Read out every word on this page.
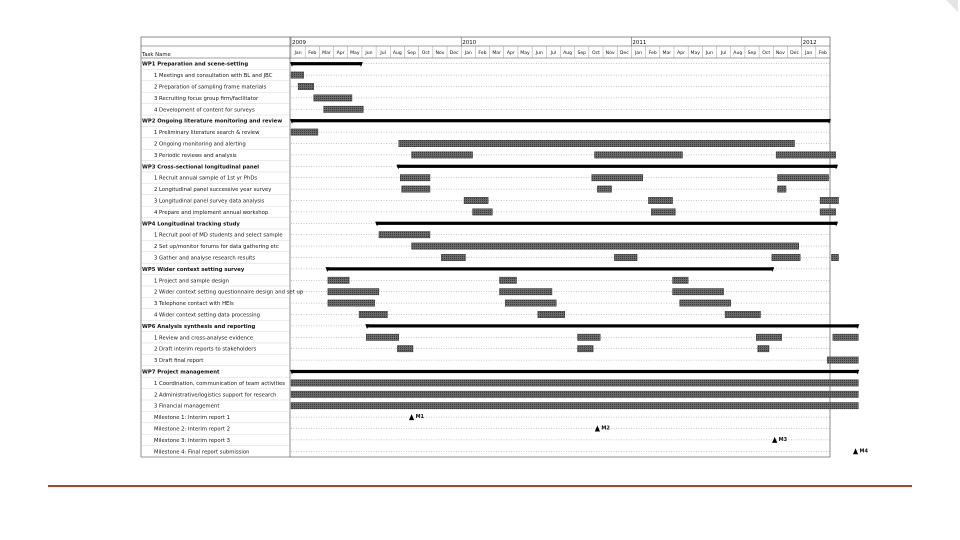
Task Name
2009	2010	2011	2012
Jan Feb Mar Apr May Jun Jul Aug Sep Oct Nov Dec Jan Feb Mar Apr May Jun Jul Aug Sep Oct Nov Dec Jan Feb Mar Apr May Jun Jul Aug Sep Oct Nov Dec Jan Feb
WP1 Preparation and scene-setting
1 Meetings and consultation with BL and JBC
2 Preparation of sampling frame materials
3 Recruiting focus group firm/facilitator
4 Development of content for surveys
WP2 Ongoing literature monitoring and review
1 Preliminary literature search & review
2 Ongoing monitoring and alerting
3 Periodic reviews and analysis
WP3 Cross-sectional longitudinal panel
1 Recruit annual sample of 1st yr PhDs
2 Longitudinal panel successive year survey
3 Longitudinal panel survey data analysis
4 Prepare and implement annual workshop
WP4 Longitudinal tracking study
1 Recruit pool of MD students and select sample
2 Set up/monitor forums for data gathering etc
3 Gather and analyse research results
WP5 Wider context setting survey
1 Project and sample design
2 Wider context setting questionnaire design and set up
3 Telephone contact with HEIs
4 Wider context setting data processing
WP6 Analysis synthesis and reporting
1 Review and cross-analyse evidence
2 Draft interim reports to stakeholders
3 Draft final report
WP7 Project management
1 Coordination, communication of team activities
2 Administrative/logistics support for research
3 Financial management
Milestone 1: Interim report 1	M1
Milestone 2: Interim report 2	M2
Milestone 3: Interim report 3	M3
Milestone 4: Final report submission	M4
